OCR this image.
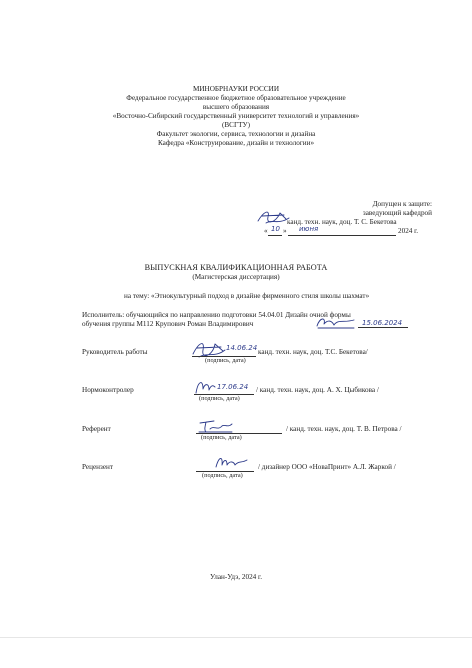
МИНОБРНАУКИ РОССИИ
Федеральное государственное бюджетное образовательное учреждение
высшего образования
«Восточно-Сибирский государственный университет технологий и управления»
(ВСГТУ)
Факультет экологии, сервиса, технологии и дизайна
Кафедра «Конструирование, дизайн и технологии»
Допущен к защите:
заведующий кафедрой
канд. техн. наук, доц. Т. С. Бекетова
« 10 » июня	2024 г.
ВЫПУСКНАЯ КВАЛИФИКАЦИОННАЯ РАБОТА
(Магистерская диссертация)
на тему: «Этнокультурный подход в дизайне фирменного стиля школы шахмат»
Исполнитель: обучающийся по направлению подготовки 54.04.01 Дизайн очной формы
обучения группы М112 Крупович Роман Владимирович	15.06.2024
Руководитель работы	14.06.24 канд. техн. наук, доц. Т.С. Бекетова/
(подпись, дата)
Нормоконтролер	17.06.24 / канд. техн. наук, доц. А. Х. Цыбикова /
(подпись, дата)
Референт	/ канд. техн. наук, доц. Т. В. Петрова /
(подпись, дата)
Рецензент	/ дизайнер ООО «НоваПринт» А.Л. Жаркой /
(подпись, дата)
Улан-Удэ, 2024 г.
